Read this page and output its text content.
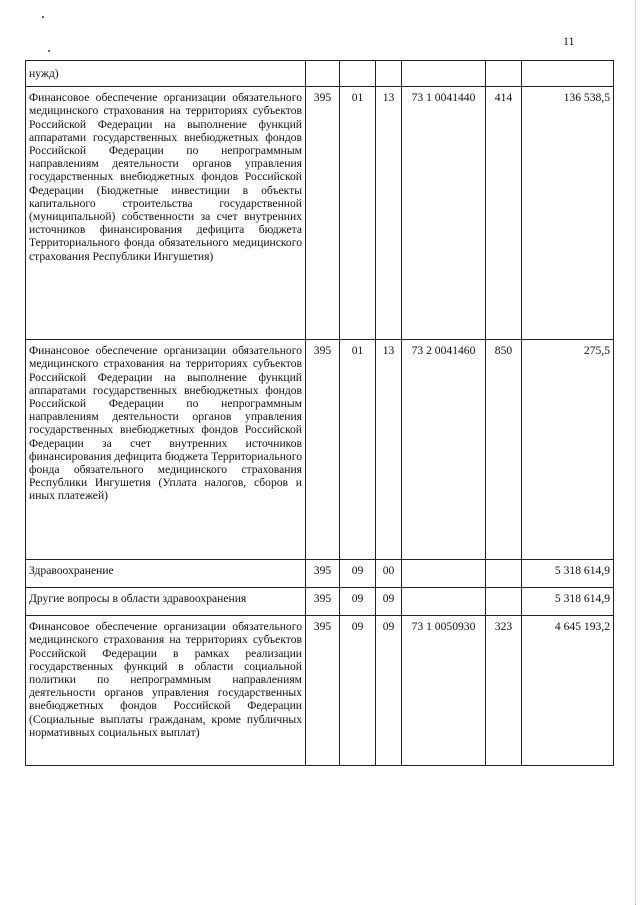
11
нужд)						
Финансовое обеспечение организации обязательного медицинского страхования на территориях субъектов Российской Федерации на выполнение функций аппаратами государственных внебюджетных фондов Российской Федерации по непрограммным направлениям деятельности органов управления государственных внебюджетных фондов Российской Федерации (Бюджетные инвестиции в объекты капитального строительства государственной (муниципальной) собственности за счет внутренних источников финансирования дефицита бюджета Территориального фонда обязательного медицинского страхования Республики Ингушетия)	395	01	13	73 1 0041440	414	136 538,5
Финансовое обеспечение организации обязательного медицинского страхования на территориях субъектов Российской Федерации на выполнение функций аппаратами государственных внебюджетных фондов Российской Федерации по непрограммным направлениям деятельности органов управления государственных внебюджетных фондов Российской Федерации за счет внутренних источников финансирования дефицита бюджета Территориального фонда обязательного медицинского страхования Республики Ингушетия (Уплата налогов, сборов и иных платежей)	395	01	13	73 2 0041460	850	275,5
Здравоохранение	395	09	00			5 318 614,9
Другие вопросы в области здравоохранения	395	09	09			5 318 614,9
Финансовое обеспечение организации обязательного медицинского страхования на территориях субъектов Российской Федерации в рамках реализации государственных функций в области социальной политики по непрограммным направлениям деятельности органов управления государственных внебюджетных фондов Российской Федерации (Социальные выплаты гражданам, кроме публичных нормативных социальных выплат)	395	09	09	73 1 0050930	323	4 645 193,2
